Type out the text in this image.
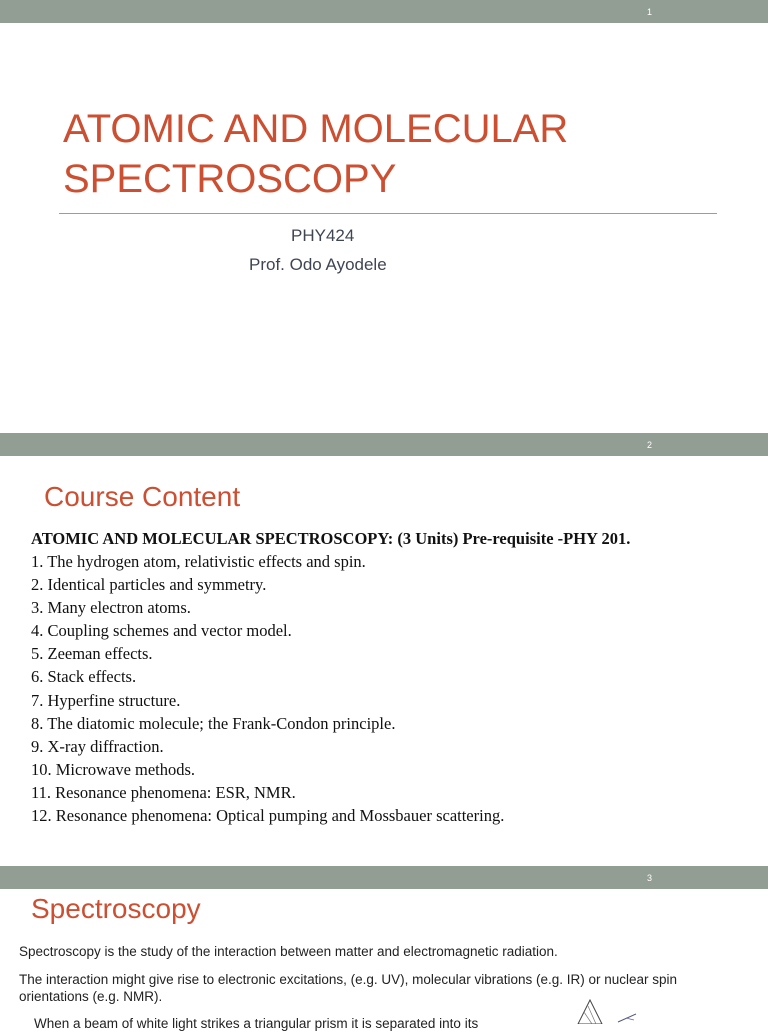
1
ATOMIC AND MOLECULAR SPECTROSCOPY
PHY424
Prof. Odo Ayodele
2
Course Content
ATOMIC AND MOLECULAR SPECTROSCOPY: (3 Units) Pre-requisite -PHY 201.
1. The hydrogen atom, relativistic effects and spin.
2. Identical particles and symmetry.
3. Many electron atoms.
4. Coupling schemes and vector model.
5. Zeeman effects.
6. Stack effects.
7. Hyperfine structure.
8. The diatomic molecule; the Frank-Condon principle.
9. X-ray diffraction.
10. Microwave methods.
11. Resonance phenomena: ESR, NMR.
12. Resonance phenomena: Optical pumping and Mossbauer scattering.
3
Spectroscopy
Spectroscopy is the study of the interaction between matter and electromagnetic radiation.
The interaction might give rise to electronic excitations, (e.g. UV), molecular vibrations (e.g. IR) or nuclear spin orientations (e.g. NMR).
When a beam of white light strikes a triangular prism it is separated into its
